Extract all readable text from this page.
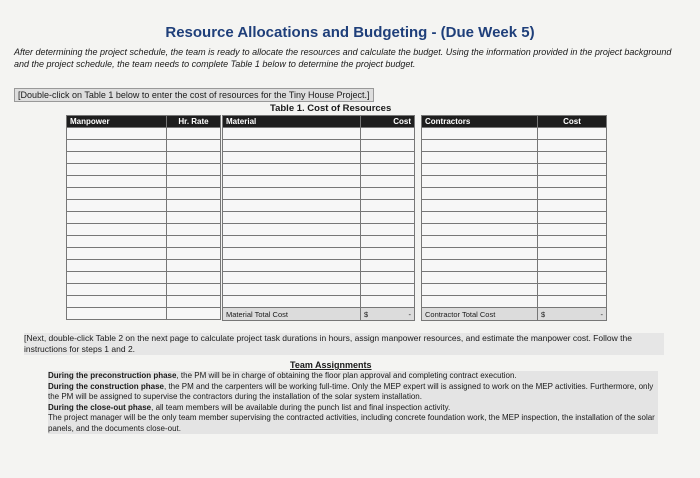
Resource Allocations and Budgeting - (Due Week 5)
After determining the project schedule, the team is ready to allocate the resources and calculate the budget. Using the information provided in the project background and the project schedule, the team needs to complete Table 1 below to determine the project budget.
[Double-click on Table 1 below to enter the cost of resources for the Tiny House Project.]
Table 1. Cost of Resources
Manpower	Hr. Rate

	Material	Cost

Material Total Cost	$ -
Contractors	Cost

Contractor Total Cost	$ -
[Next, double-click Table 2 on the next page to calculate project task durations in hours, assign manpower resources, and estimate the manpower cost. Follow the instructions for steps 1 and 2.
Team Assignments

During the preconstruction phase, the PM will be in charge of obtaining the floor plan approval and completing contract execution.

During the construction phase, the PM and the carpenters will be working full-time. Only the MEP expert will is assigned to work on the MEP activities. Furthermore, only the PM will be assigned to supervise the contractors during the installation of the solar system installation.

During the close-out phase, all team members will be available during the punch list and final inspection activity.

The project manager will be the only team member supervising the contracted activities, including concrete foundation work, the MEP inspection, the installation of the solar panels, and the documents close-out.
